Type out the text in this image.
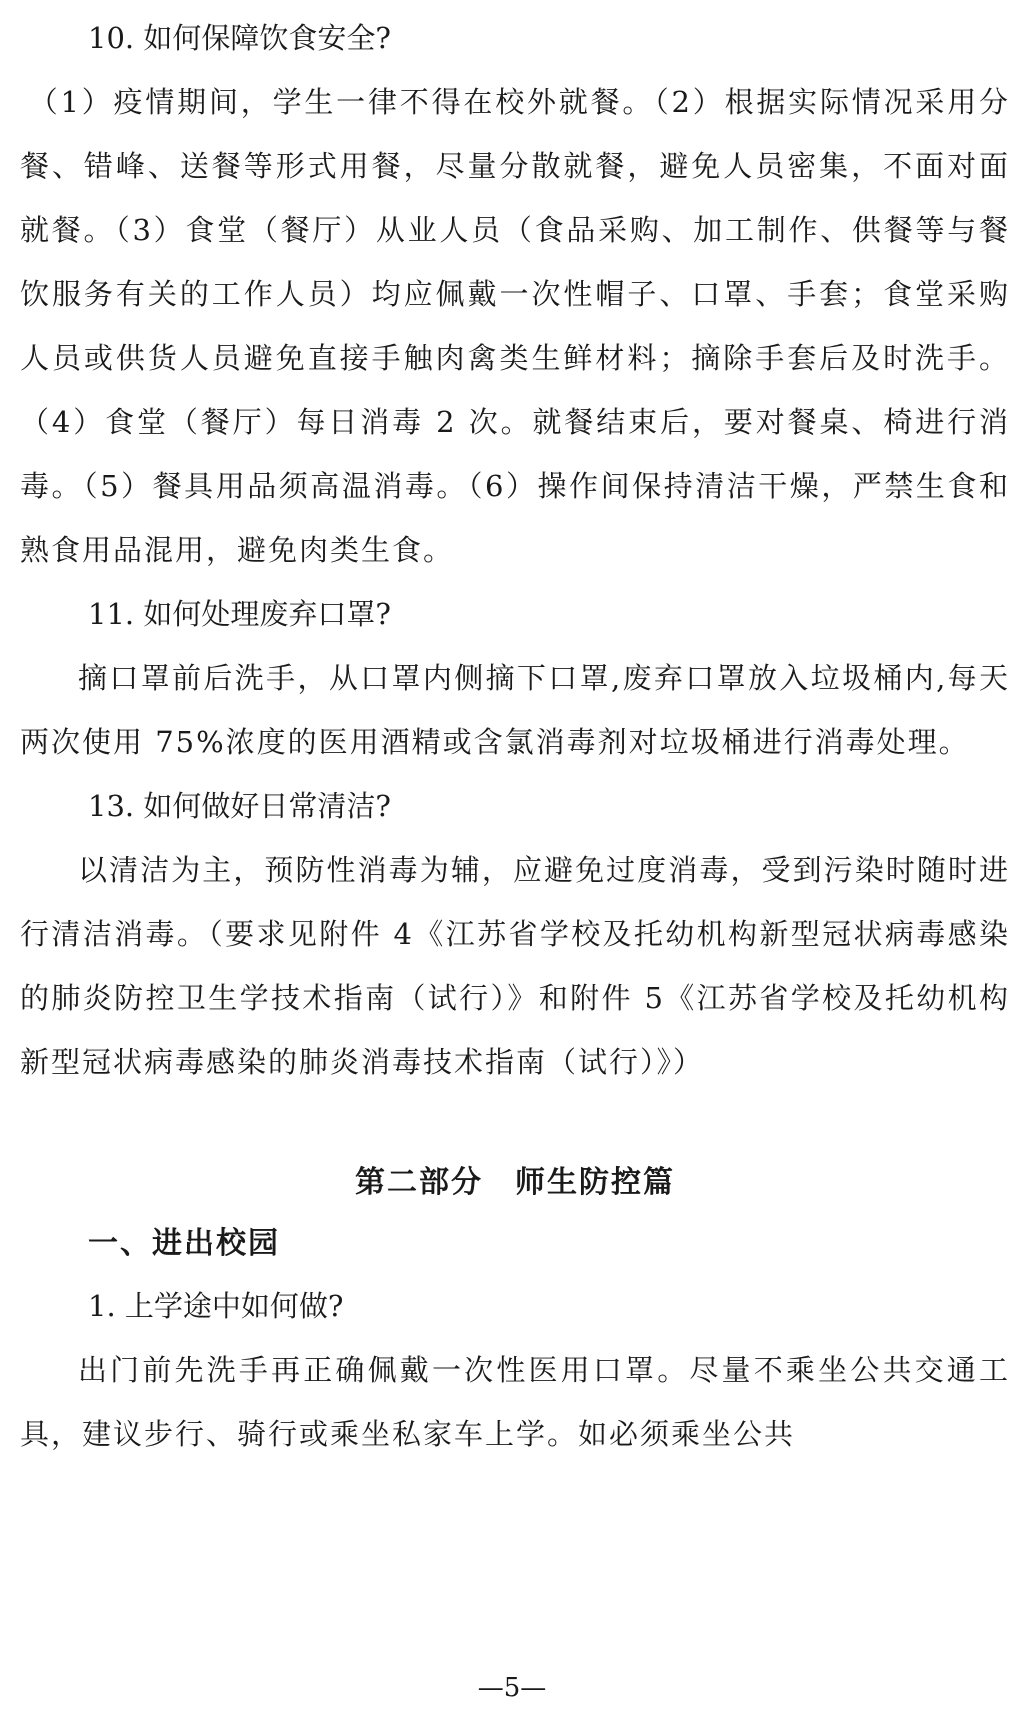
10. 如何保障饮食安全?

（1）疫情期间，学生一律不得在校外就餐。（2）根据实际情况采用分餐、错峰、送餐等形式用餐，尽量分散就餐，避免人员密集，不面对面就餐。（3）食堂（餐厅）从业人员（食品采购、加工制作、供餐等与餐饮服务有关的工作人员）均应佩戴一次性帽子、口罩、手套；食堂采购人员或供货人员避免直接手触肉禽类生鲜材料；摘除手套后及时洗手。（4）食堂（餐厅）每日消毒 2 次。就餐结束后，要对餐桌、椅进行消毒。（5）餐具用品须高温消毒。（6）操作间保持清洁干燥，严禁生食和熟食用品混用，避免肉类生食。

11. 如何处理废弃口罩?

摘口罩前后洗手，从口罩内侧摘下口罩,废弃口罩放入垃圾桶内,每天两次使用 75%浓度的医用酒精或含氯消毒剂对垃圾桶进行消毒处理。

13. 如何做好日常清洁?

以清洁为主，预防性消毒为辅，应避免过度消毒，受到污染时随时进行清洁消毒。（要求见附件 4《江苏省学校及托幼机构新型冠状病毒感染的肺炎防控卫生学技术指南（试行）》和附件 5《江苏省学校及托幼机构新型冠状病毒感染的肺炎消毒技术指南（试行）》）

第二部分　师生防控篇
一、进出校园

1. 上学途中如何做?

出门前先洗手再正确佩戴一次性医用口罩。尽量不乘坐公共交通工具，建议步行、骑行或乘坐私家车上学。如必须乘坐公共

—5—
